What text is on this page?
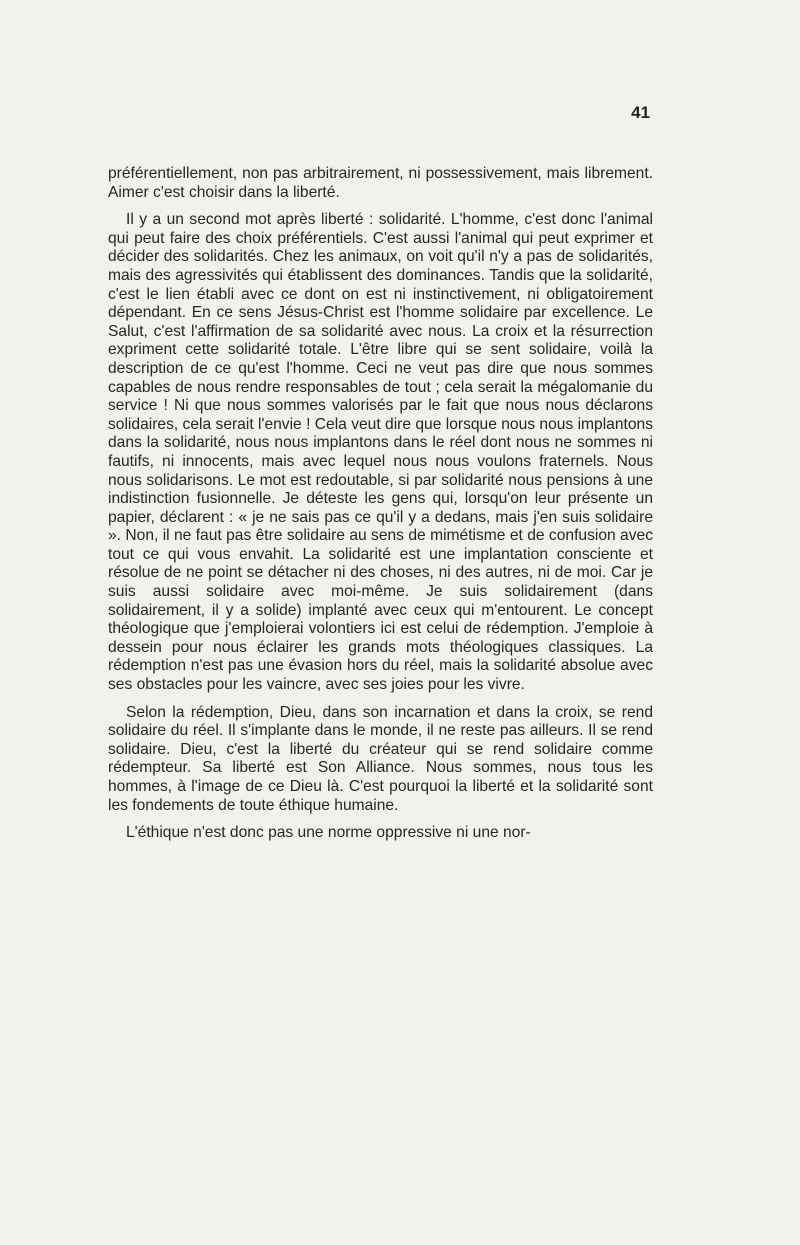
41

préférentiellement, non pas arbitrairement, ni possessivement, mais librement. Aimer c'est choisir dans la liberté.

Il y a un second mot après liberté : solidarité. L'homme, c'est donc l'animal qui peut faire des choix préférentiels. C'est aussi l'animal qui peut exprimer et décider des solidarités. Chez les animaux, on voit qu'il n'y a pas de solidarités, mais des agressivités qui établissent des dominances. Tandis que la solidarité, c'est le lien établi avec ce dont on est ni instinctivement, ni obligatoirement dépendant. En ce sens Jésus-Christ est l'homme solidaire par excellence. Le Salut, c'est l'affirmation de sa solidarité avec nous. La croix et la résurrection expriment cette solidarité totale. L'être libre qui se sent solidaire, voilà la description de ce qu'est l'homme. Ceci ne veut pas dire que nous sommes capables de nous rendre responsables de tout ; cela serait la mégalomanie du service ! Ni que nous sommes valorisés par le fait que nous nous déclarons solidaires, cela serait l'envie ! Cela veut dire que lorsque nous nous implantons dans la solidarité, nous nous implantons dans le réel dont nous ne sommes ni fautifs, ni innocents, mais avec lequel nous nous voulons fraternels. Nous nous solidarisons. Le mot est redoutable, si par solidarité nous pensions à une indistinction fusionnelle. Je déteste les gens qui, lorsqu'on leur présente un papier, déclarent : « je ne sais pas ce qu'il y a dedans, mais j'en suis solidaire ». Non, il ne faut pas être solidaire au sens de mimétisme et de confusion avec tout ce qui vous envahit. La solidarité est une implantation consciente et résolue de ne point se détacher ni des choses, ni des autres, ni de moi. Car je suis aussi solidaire avec moi-même. Je suis solidairement (dans solidairement, il y a solide) implanté avec ceux qui m'entourent. Le concept théologique que j'emploierai volontiers ici est celui de rédemption. J'emploie à dessein pour nous éclairer les grands mots théologiques classiques. La rédemption n'est pas une évasion hors du réel, mais la solidarité absolue avec ses obstacles pour les vaincre, avec ses joies pour les vivre.

Selon la rédemption, Dieu, dans son incarnation et dans la croix, se rend solidaire du réel. Il s'implante dans le monde, il ne reste pas ailleurs. Il se rend solidaire. Dieu, c'est la liberté du créateur qui se rend solidaire comme rédempteur. Sa liberté est Son Alliance. Nous sommes, nous tous les hommes, à l'image de ce Dieu là. C'est pourquoi la liberté et la solidarité sont les fondements de toute éthique humaine.

L'éthique n'est donc pas une norme oppressive ni une nor-
